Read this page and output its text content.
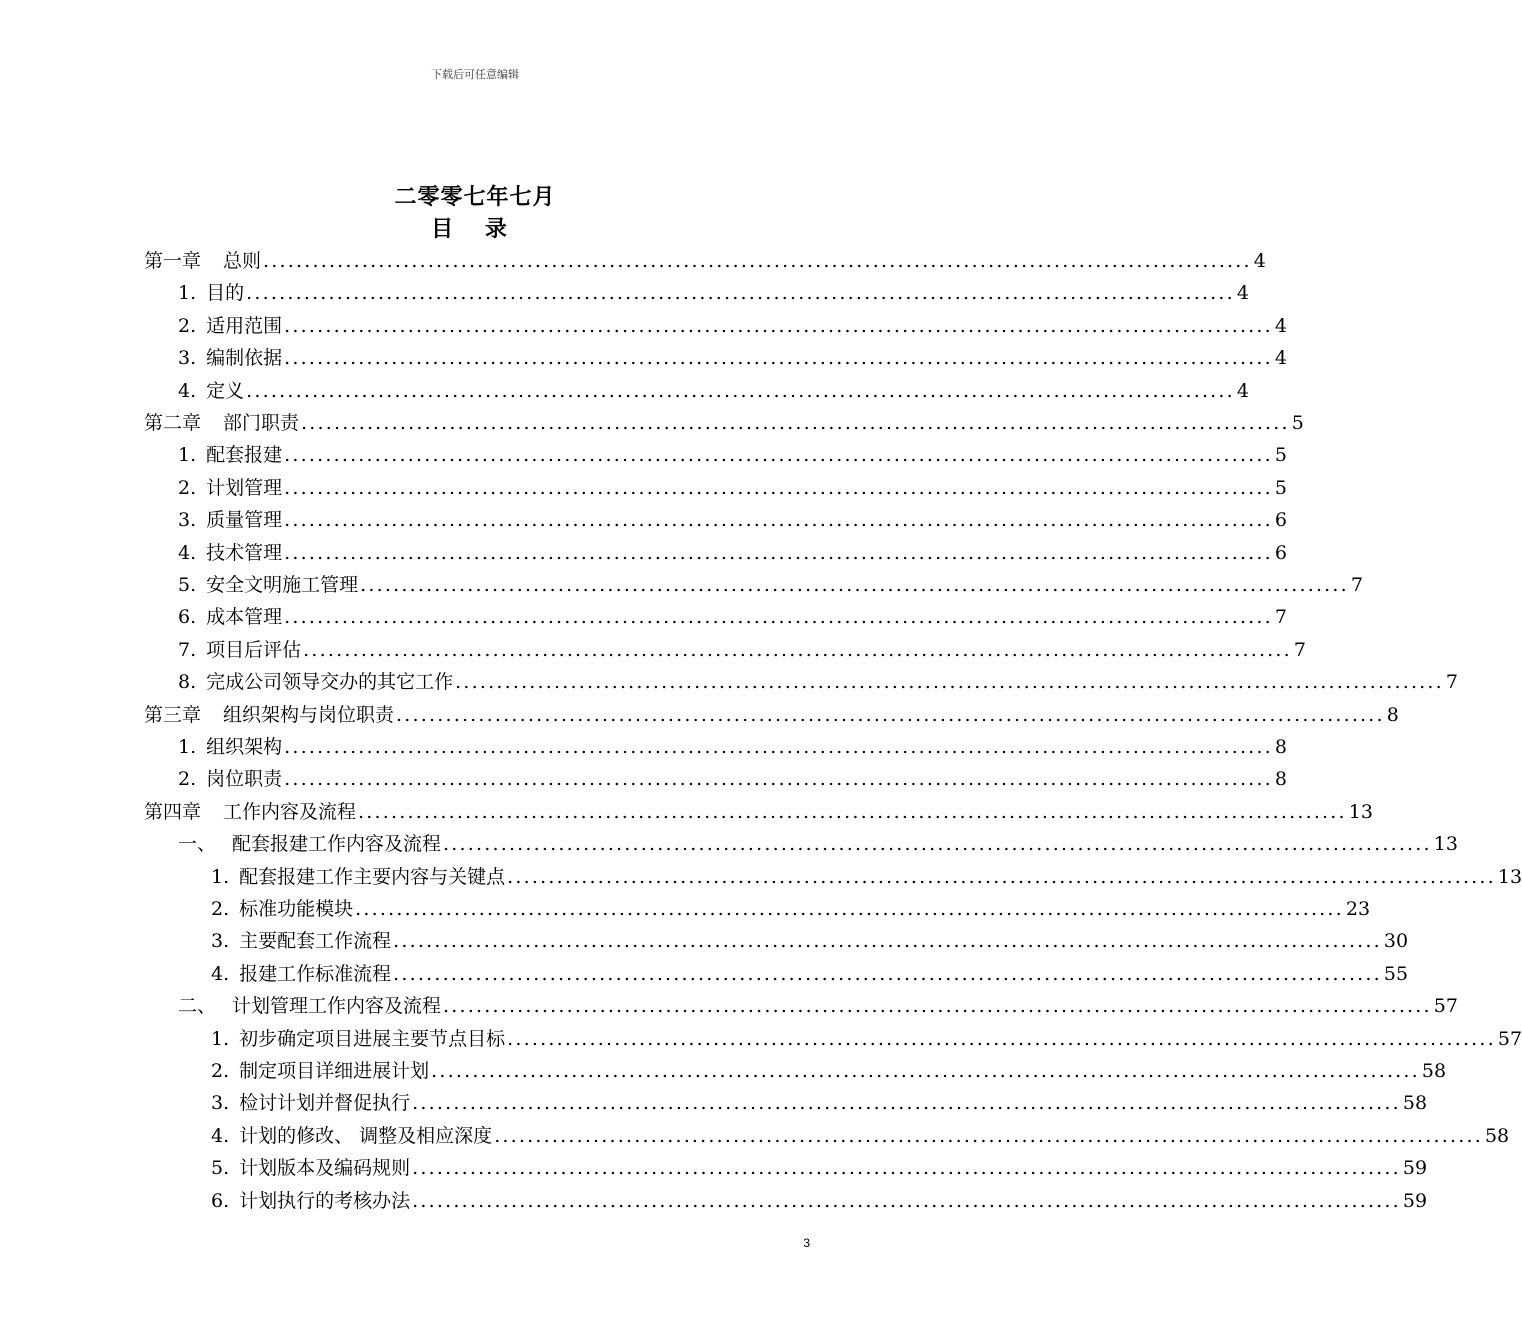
下载后可任意编辑
二零零七年七月
目 录
第一章 总则 ........................................................................................................................ 4
1. 目的 ........................................................................................................................ 4
2. 适用范围 ........................................................................................................................ 4
3. 编制依据 ........................................................................................................................ 4
4. 定义 ........................................................................................................................ 4
第二章 部门职责 ........................................................................................................................ 5
1. 配套报建 ........................................................................................................................ 5
2. 计划管理 ........................................................................................................................ 5
3. 质量管理 ........................................................................................................................ 6
4. 技术管理 ........................................................................................................................ 6
5. 安全文明施工管理 ........................................................................................................................ 7
6. 成本管理 ........................................................................................................................ 7
7. 项目后评估 ........................................................................................................................ 7
8. 完成公司领导交办的其它工作 ........................................................................................................................ 7
第三章 组织架构与岗位职责 ........................................................................................................................ 8
1. 组织架构 ........................................................................................................................ 8
2. 岗位职责 ........................................................................................................................ 8
第四章 工作内容及流程 ........................................................................................................................ 13
一、 配套报建工作内容及流程 ........................................................................................................................ 13
1. 配套报建工作主要内容与关键点 ........................................................................................................................ 13
2. 标准功能模块 ........................................................................................................................ 23
3. 主要配套工作流程 ........................................................................................................................ 30
4. 报建工作标准流程 ........................................................................................................................ 55
二、 计划管理工作内容及流程 ........................................................................................................................ 57
1. 初步确定项目进展主要节点目标 ........................................................................................................................ 57
2. 制定项目详细进展计划 ........................................................................................................................ 58
3. 检讨计划并督促执行 ........................................................................................................................ 58
4. 计划的修改、 调整及相应深度 ........................................................................................................................ 58
5. 计划版本及编码规则 ........................................................................................................................ 59
6. 计划执行的考核办法 ........................................................................................................................ 59
3
